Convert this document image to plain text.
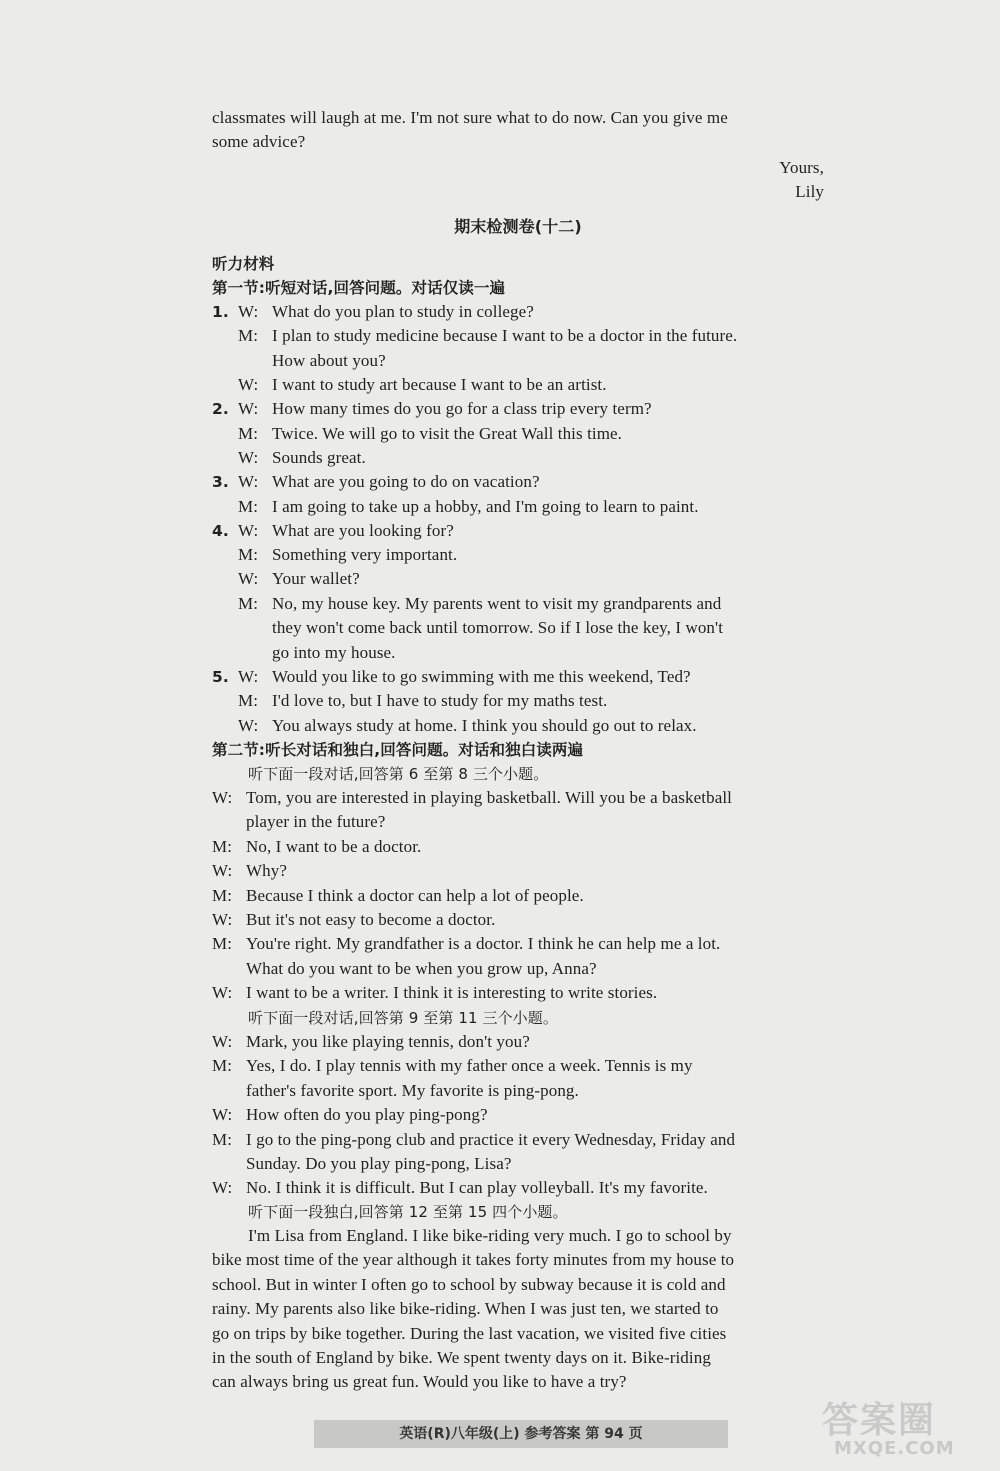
classmates will laugh at me. I'm not sure what to do now. Can you give me
some advice?
Yours,
Lily
期末检测卷(十二)
听力材料
第一节:听短对话,回答问题。对话仅读一遍
1. W: What do you plan to study in college?
M: I plan to study medicine because I want to be a doctor in the future.
How about you?
W: I want to study art because I want to be an artist.
2. W: How many times do you go for a class trip every term?
M: Twice. We will go to visit the Great Wall this time.
W: Sounds great.
3. W: What are you going to do on vacation?
M: I am going to take up a hobby, and I'm going to learn to paint.
4. W: What are you looking for?
M: Something very important.
W: Your wallet?
M: No, my house key. My parents went to visit my grandparents and
they won't come back until tomorrow. So if I lose the key, I won't
go into my house.
5. W: Would you like to go swimming with me this weekend, Ted?
M: I'd love to, but I have to study for my maths test.
W: You always study at home. I think you should go out to relax.
第二节:听长对话和独白,回答问题。对话和独白读两遍
听下面一段对话,回答第 6 至第 8 三个小题。
W: Tom, you are interested in playing basketball. Will you be a basketball
player in the future?
M: No, I want to be a doctor.
W: Why?
M: Because I think a doctor can help a lot of people.
W: But it's not easy to become a doctor.
M: You're right. My grandfather is a doctor. I think he can help me a lot.
What do you want to be when you grow up, Anna?
W: I want to be a writer. I think it is interesting to write stories.
听下面一段对话,回答第 9 至第 11 三个小题。
W: Mark, you like playing tennis, don't you?
M: Yes, I do. I play tennis with my father once a week. Tennis is my
father's favorite sport. My favorite is ping-pong.
W: How often do you play ping-pong?
M: I go to the ping-pong club and practice it every Wednesday, Friday and
Sunday. Do you play ping-pong, Lisa?
W: No. I think it is difficult. But I can play volleyball. It's my favorite.
听下面一段独白,回答第 12 至第 15 四个小题。
I'm Lisa from England. I like bike-riding very much. I go to school by
bike most time of the year although it takes forty minutes from my house to
school. But in winter I often go to school by subway because it is cold and
rainy. My parents also like bike-riding. When I was just ten, we started to
go on trips by bike together. During the last vacation, we visited five cities
in the south of England by bike. We spent twenty days on it. Bike-riding
can always bring us great fun. Would you like to have a try?
英语(R)八年级(上) 参考答案 第 94 页	答案圈
MXQE.COM
